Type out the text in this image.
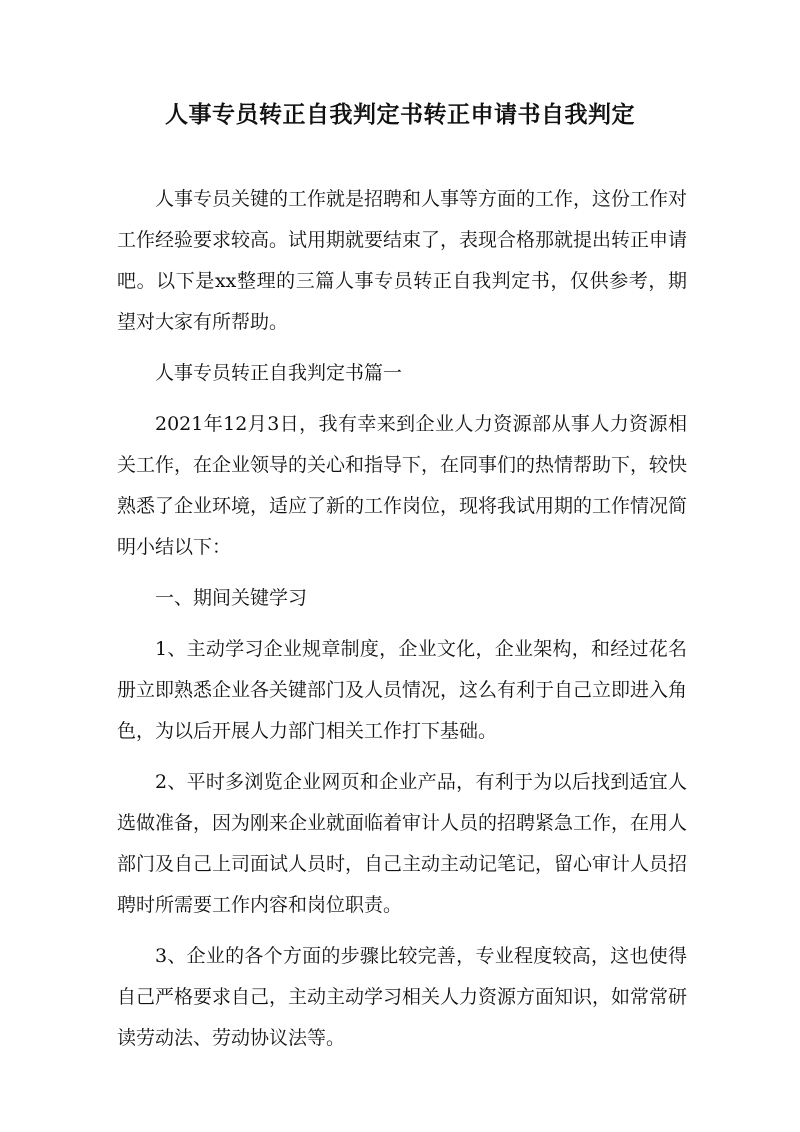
人事专员转正自我判定书转正申请书自我判定

人事专员关键的工作就是招聘和人事等方面的工作，这份工作对工作经验要求较高。试用期就要结束了，表现合格那就提出转正申请吧。以下是xx整理的三篇人事专员转正自我判定书，仅供参考，期望对大家有所帮助。

人事专员转正自我判定书篇一

2021年12月3日，我有幸来到企业人力资源部从事人力资源相关工作，在企业领导的关心和指导下，在同事们的热情帮助下，较快熟悉了企业环境，适应了新的工作岗位，现将我试用期的工作情况简明小结以下：

一、期间关键学习

1、主动学习企业规章制度，企业文化，企业架构，和经过花名册立即熟悉企业各关键部门及人员情况，这么有利于自己立即进入角色，为以后开展人力部门相关工作打下基础。

2、平时多浏览企业网页和企业产品，有利于为以后找到适宜人选做准备，因为刚来企业就面临着审计人员的招聘紧急工作，在用人部门及自己上司面试人员时，自己主动主动记笔记，留心审计人员招聘时所需要工作内容和岗位职责。

3、企业的各个方面的步骤比较完善，专业程度较高，这也使得自己严格要求自己，主动主动学习相关人力资源方面知识，如常常研读劳动法、劳动协议法等。
